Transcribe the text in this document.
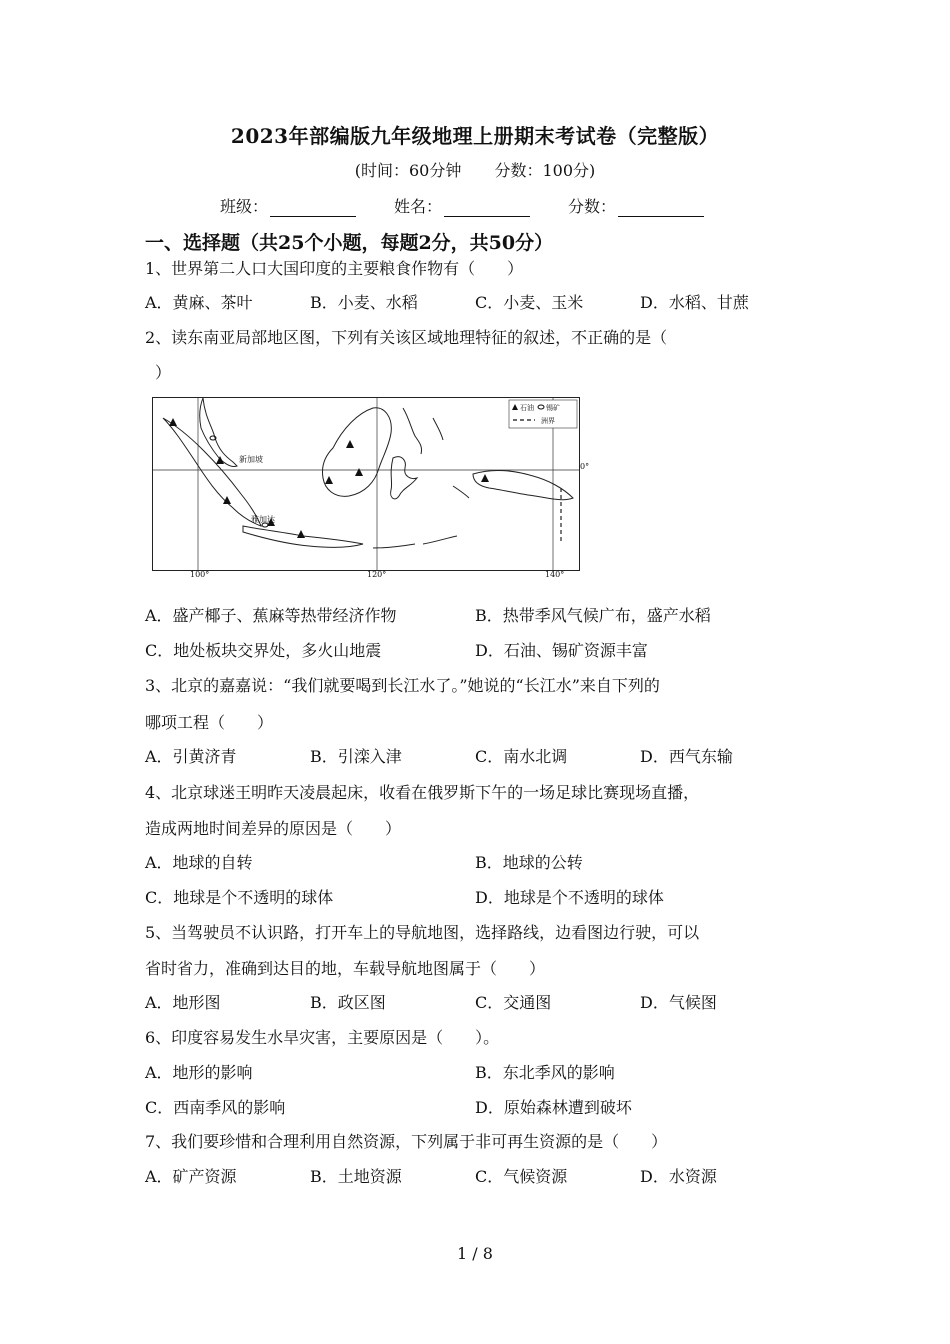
2023年部编版九年级地理上册期末考试卷（完整版）
(时间：60分钟 分数：100分)
班级：	姓名：	分数：
一、选择题（共25个小题，每题2分，共50分）
1、世界第二人口大国印度的主要粮食作物有（　　）
A．黄麻、茶叶	B．小麦、水稻	C．小麦、玉米	D．水稻、甘蔗
2、读东南亚局部地区图，下列有关该区域地理特征的叙述，不正确的是（
）
石油 锡矿
洲界
新加坡
雅加达
100°	120°	140°
0°
A．盛产椰子、蕉麻等热带经济作物	B．热带季风气候广布，盛产水稻
C．地处板块交界处，多火山地震	D．石油、锡矿资源丰富
3、北京的嘉嘉说：“我们就要喝到长江水了。”她说的“长江水”来自下列的
哪项工程（　　）
A．引黄济青	B．引滦入津	C．南水北调	D．西气东输
4、北京球迷王明昨天凌晨起床，收看在俄罗斯下午的一场足球比赛现场直播，
造成两地时间差异的原因是（　　）
A．地球的自转	B．地球的公转
C．地球是个不透明的球体	D．地球是个不透明的球体
5、当驾驶员不认识路，打开车上的导航地图，选择路线，边看图边行驶，可以
省时省力，准确到达目的地，车载导航地图属于（　　）
A．地形图	B．政区图	C．交通图	D．气候图
6、印度容易发生水旱灾害，主要原因是（　　）。
A．地形的影响	B．东北季风的影响
C．西南季风的影响	D．原始森林遭到破坏
7、我们要珍惜和合理利用自然资源，下列属于非可再生资源的是（　　）
A．矿产资源	B．土地资源	C．气候资源	D．水资源
1 / 8
